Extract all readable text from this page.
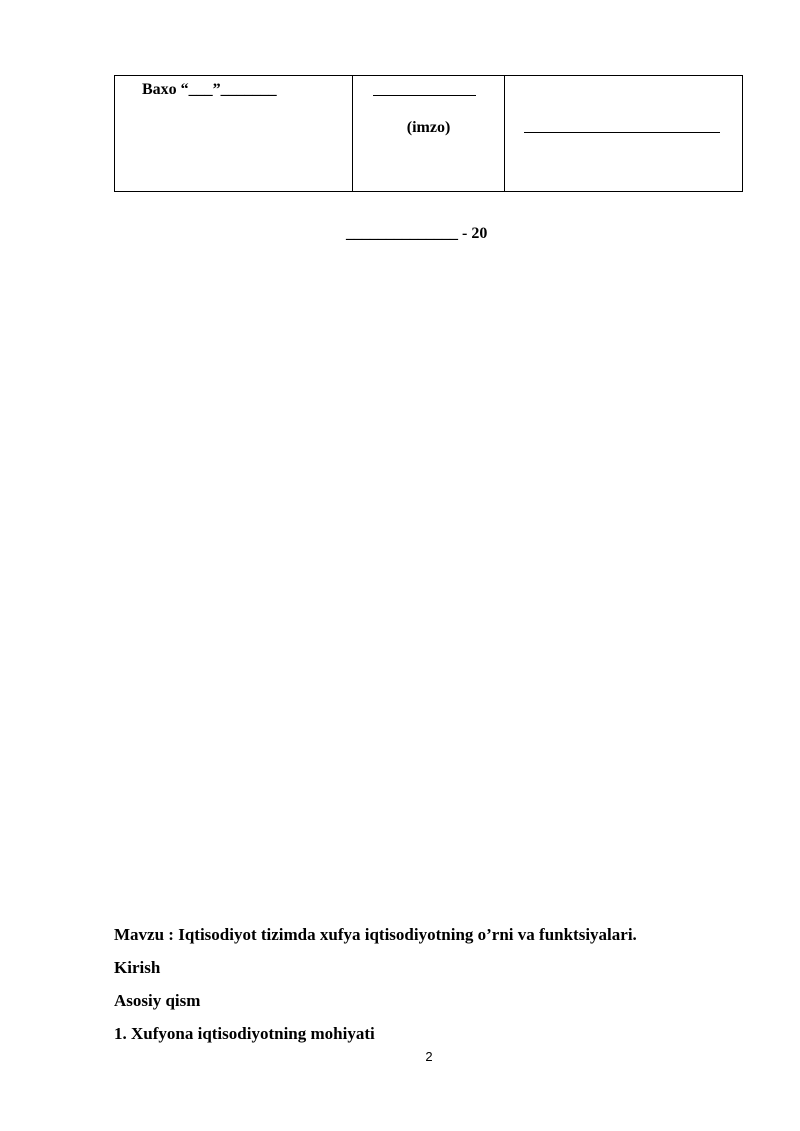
Baxo “___”_______
(imzo)
______________ - 20
Mavzu : Iqtisodiyot tizimda xufya iqtisodiyotning o’rni va funktsiyalari.
Kirish
Asosiy qism
1. Xufyona iqtisodiyotning mohiyati
2
